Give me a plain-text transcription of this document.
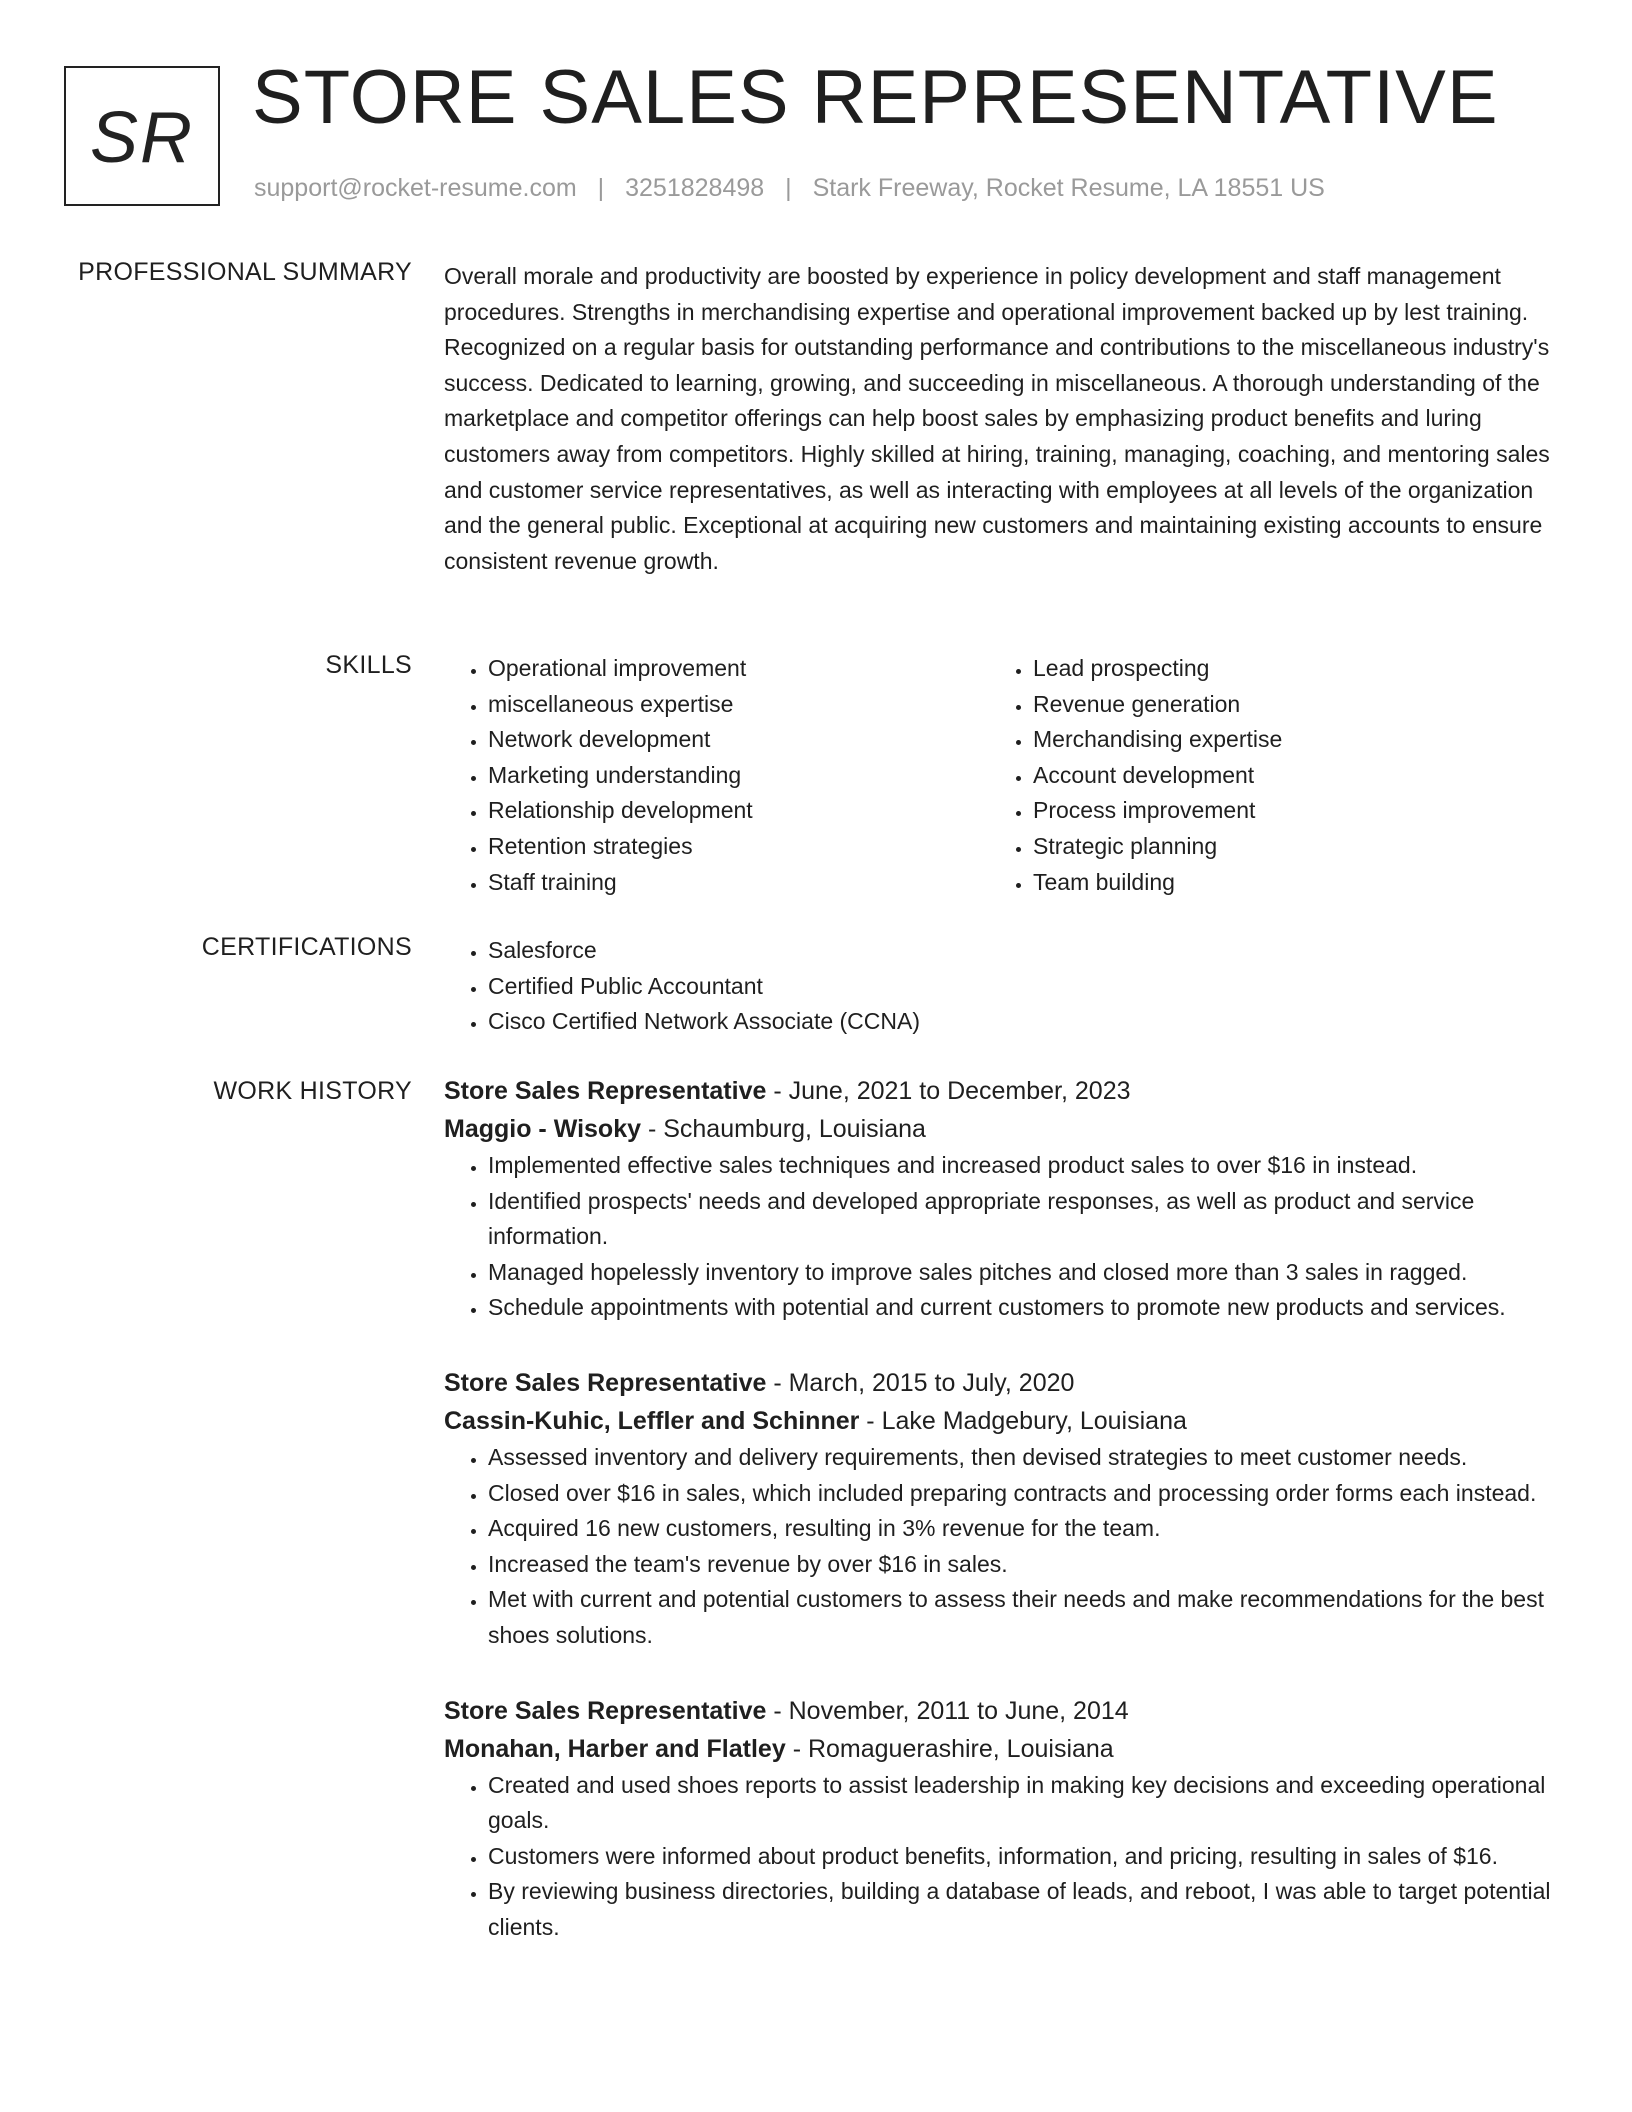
SR STORE SALES REPRESENTATIVE
support@rocket-resume.com | 3251828498 | Stark Freeway, Rocket Resume, LA 18551 US
PROFESSIONAL SUMMARY Overall morale and productivity are boosted by experience in policy development and staff management procedures. Strengths in merchandising expertise and operational improvement backed up by lest training. Recognized on a regular basis for outstanding performance and contributions to the miscellaneous industry's success. Dedicated to learning, growing, and succeeding in miscellaneous. A thorough understanding of the marketplace and competitor offerings can help boost sales by emphasizing product benefits and luring customers away from competitors. Highly skilled at hiring, training, managing, coaching, and mentoring sales and customer service representatives, as well as interacting with employees at all levels of the organization and the general public. Exceptional at acquiring new customers and maintaining existing accounts to ensure consistent revenue growth.

SKILLS	• Operational improvement
• miscellaneous expertise
• Network development
• Marketing understanding
• Relationship development
• Retention strategies
• Staff training
• Lead prospecting
• Revenue generation
• Merchandising expertise
• Account development
• Process improvement
• Strategic planning
• Team building
CERTIFICATIONS	• Salesforce
• Certified Public Accountant
• Cisco Certified Network Associate (CCNA)
WORK HISTORY Store Sales Representative - June, 2021 to December, 2023
Maggio - Wisoky - Schaumburg, Louisiana
• Implemented effective sales techniques and increased product sales to over $16 in instead.
• Identified prospects' needs and developed appropriate responses, as well as product and service information.
• Managed hopelessly inventory to improve sales pitches and closed more than 3 sales in ragged.
• Schedule appointments with potential and current customers to promote new products and services.
Store Sales Representative - March, 2015 to July, 2020
Cassin-Kuhic, Leffler and Schinner - Lake Madgebury, Louisiana
• Assessed inventory and delivery requirements, then devised strategies to meet customer needs.
• Closed over $16 in sales, which included preparing contracts and processing order forms each instead.
• Acquired 16 new customers, resulting in 3% revenue for the team.
• Increased the team's revenue by over $16 in sales.
• Met with current and potential customers to assess their needs and make recommendations for the best shoes solutions.
Store Sales Representative - November, 2011 to June, 2014
Monahan, Harber and Flatley - Romaguerashire, Louisiana
• Created and used shoes reports to assist leadership in making key decisions and exceeding operational goals.
• Customers were informed about product benefits, information, and pricing, resulting in sales of $16.
• By reviewing business directories, building a database of leads, and reboot, I was able to target potential clients.
